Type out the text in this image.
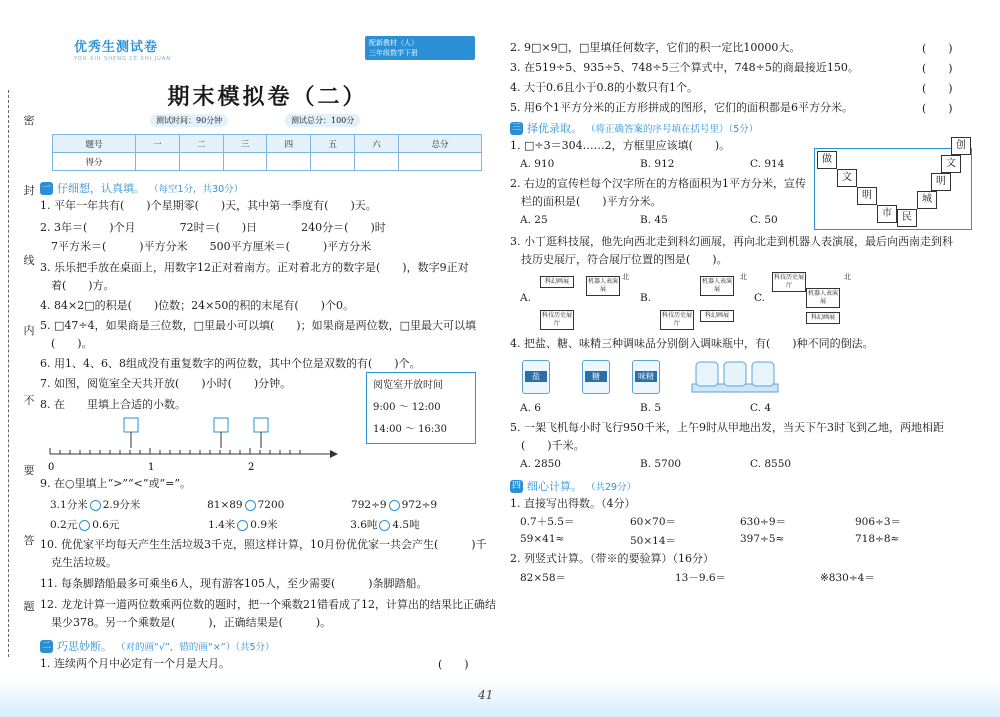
密
封
线
内
不
要
答
题
优秀生测试卷
YOU XIU SHENG CE SHI JUAN
配新教材（人）
三年级数学下册
期末模拟卷（二）
测试时间：90分钟	测试总分：100分
题号	一	二	三	四	五	六	总分
得分							
一 仔细想，认真填。 （每空1分，共30分）
1. 平年一年共有(　　)个星期零(　　)天，其中第一季度有(　　)天。
2. 3年＝(　　)个月　　　　72时＝(　　)日　　　　240分＝(　　)时
　7平方米＝(　　　)平方分米　　500平方厘米＝(　　　)平方分米
3. 乐乐把手放在桌面上，用数字12正对着南方。正对着北方的数字是(　　)，数字9正对
　着(　　)方。
4. 84×2□的积是(　　)位数；24×50的积的末尾有(　　)个0。
5. □47÷4，如果商是三位数，□里最小可以填(　　)；如果商是两位数，□里最大可以填
　(　　)。
6. 用1、4、6、8组成没有重复数字的两位数，其中个位是双数的有(　　)个。
7. 如图，阅览室全天共开放(　　)小时(　　)分钟。
8. 在　　里填上合适的小数。
阅览室开放时间
9:00 ～ 12:00
14:00 ～ 16:30
0	1	2
9. 在○里填上“>”“<”或“=”。
3.1分米 2.9分米	81×89 7200	792÷9 972÷9
0.2元 0.6元	1.4米 0.9米	3.6吨 4.5吨
10. 优优家平均每天产生生活垃圾3千克，照这样计算，10月份优优家一共会产生(　　　)千
　克生活垃圾。
11. 每条脚踏船最多可乘坐6人，现有游客105人，至少需要(　　　)条脚踏船。
12. 龙龙计算一道两位数乘两位数的题时，把一个乘数21错看成了12，计算出的结果比正确结
　果少378。另一个乘数是(　　　)，正确结果是(　　　)。
二 巧思妙断。 （对的画“√”，错的画“×”）（共5分）
1. 连续两个月中必定有一个月是大月。	(　　)
2. 9□×9□，□里填任何数字，它们的积一定比10000大。	(　　)
3. 在519÷5、935÷5、748÷5三个算式中，748÷5的商最接近150。	(　　)
4. 大于0.6且小于0.8的小数只有1个。	(　　)
5. 用6个1平方分米的正方形拼成的图形，它们的面积都是6平方分米。	(　　)
三 择优录取。 （将正确答案的序号填在括号里）（5分）
1. □÷3＝304……2，方框里应该填(　　)。
A. 910	B. 912	C. 914
2. 右边的宣传栏每个汉字所在的方格面积为1平方分米，宣传
　栏的面积是(　　)平方分米。
A. 25	B. 45	C. 50
做
文
明
市	民
城
明
文
创
3. 小丁逛科技展，他先向西北走到科幻画展，再向北走到机器人表演展，最后向西南走到科
　技历史展厅，符合展厅位置的图是(　　)。
A.
科幻画展	机器人表演展
科技历史展厅
北
B.
机器人表演展
科技历史展厅
科幻画展
北
C.
科技历史展厅
机器人表演展
科幻画展
北
4. 把盐、糖、味精三种调味品分别倒入调味瓶中，有(　　)种不同的倒法。
盐	糖	味精
A. 6	B. 5	C. 4
5. 一架飞机每小时飞行950千米，上午9时从甲地出发，当天下午3时飞到乙地，两地相距
　(　　)千米。
A. 2850	B. 5700	C. 8550
四 细心计算。 （共29分）
1. 直接写出得数。（4分）
0.7＋5.5＝	60×70＝	630÷9＝	906÷3＝
59×41≈	50×14＝	397÷5≈	718÷8≈
2. 列竖式计算。（带※的要验算）（16分）
82×58＝	13－9.6＝	※830÷4＝
41
